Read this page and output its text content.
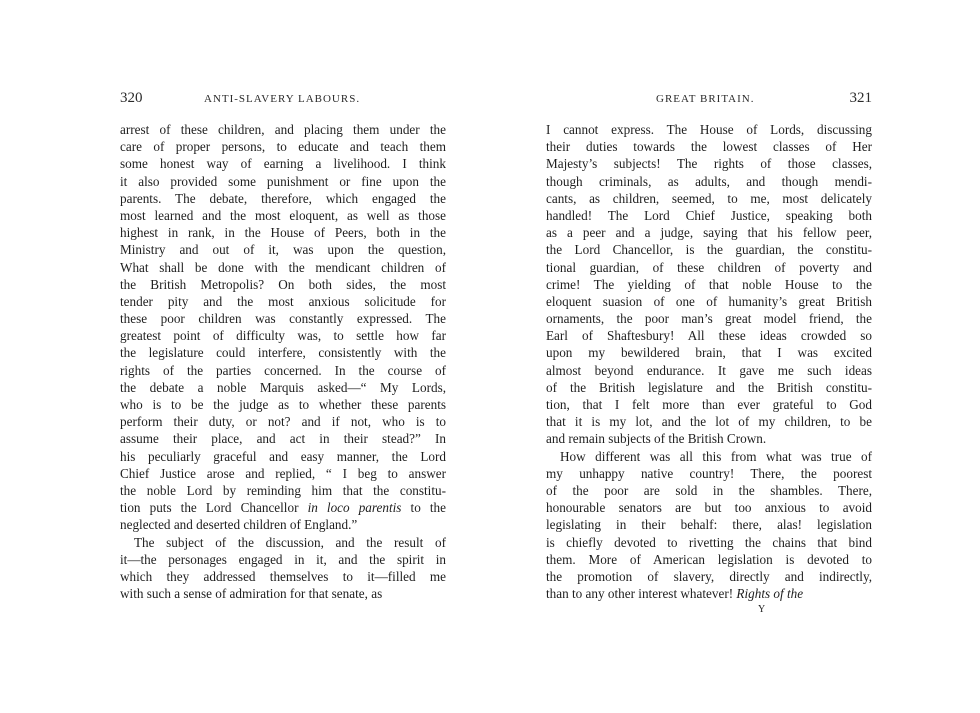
320	ANTI-SLAVERY LABOURS.
arrest of these children, and placing them under the
care of proper persons, to educate and teach them
some honest way of earning a livelihood. I think
it also provided some punishment or fine upon the
parents. The debate, therefore, which engaged the
most learned and the most eloquent, as well as those
highest in rank, in the House of Peers, both in the
Ministry and out of it, was upon the question,
What shall be done with the mendicant children of
the British Metropolis? On both sides, the most
tender pity and the most anxious solicitude for
these poor children was constantly expressed. The
greatest point of difficulty was, to settle how far
the legislature could interfere, consistently with the
rights of the parties concerned. In the course of
the debate a noble Marquis asked—“ My Lords,
who is to be the judge as to whether these parents
perform their duty, or not? and if not, who is to
assume their place, and act in their stead?” In
his peculiarly graceful and easy manner, the Lord
Chief Justice arose and replied, “ I beg to answer
the noble Lord by reminding him that the constitu-
tion puts the Lord Chancellor in loco parentis to the
neglected and deserted children of England.”
The subject of the discussion, and the result of
it—the personages engaged in it, and the spirit in
which they addressed themselves to it—filled me
with such a sense of admiration for that senate, as
GREAT BRITAIN.	321
I cannot express. The House of Lords, discussing
their duties towards the lowest classes of Her
Majesty’s subjects! The rights of those classes,
though criminals, as adults, and though mendi-
cants, as children, seemed, to me, most delicately
handled! The Lord Chief Justice, speaking both
as a peer and a judge, saying that his fellow peer,
the Lord Chancellor, is the guardian, the constitu-
tional guardian, of these children of poverty and
crime! The yielding of that noble House to the
eloquent suasion of one of humanity’s great British
ornaments, the poor man’s great model friend, the
Earl of Shaftesbury! All these ideas crowded so
upon my bewildered brain, that I was excited
almost beyond endurance. It gave me such ideas
of the British legislature and the British constitu-
tion, that I felt more than ever grateful to God
that it is my lot, and the lot of my children, to be
and remain subjects of the British Crown.
How different was all this from what was true of
my unhappy native country! There, the poorest
of the poor are sold in the shambles. There,
honourable senators are but too anxious to avoid
legislating in their behalf: there, alas! legislation
is chiefly devoted to rivetting the chains that bind
them. More of American legislation is devoted to
the promotion of slavery, directly and indirectly,
than to any other interest whatever! Rights of the
Y
